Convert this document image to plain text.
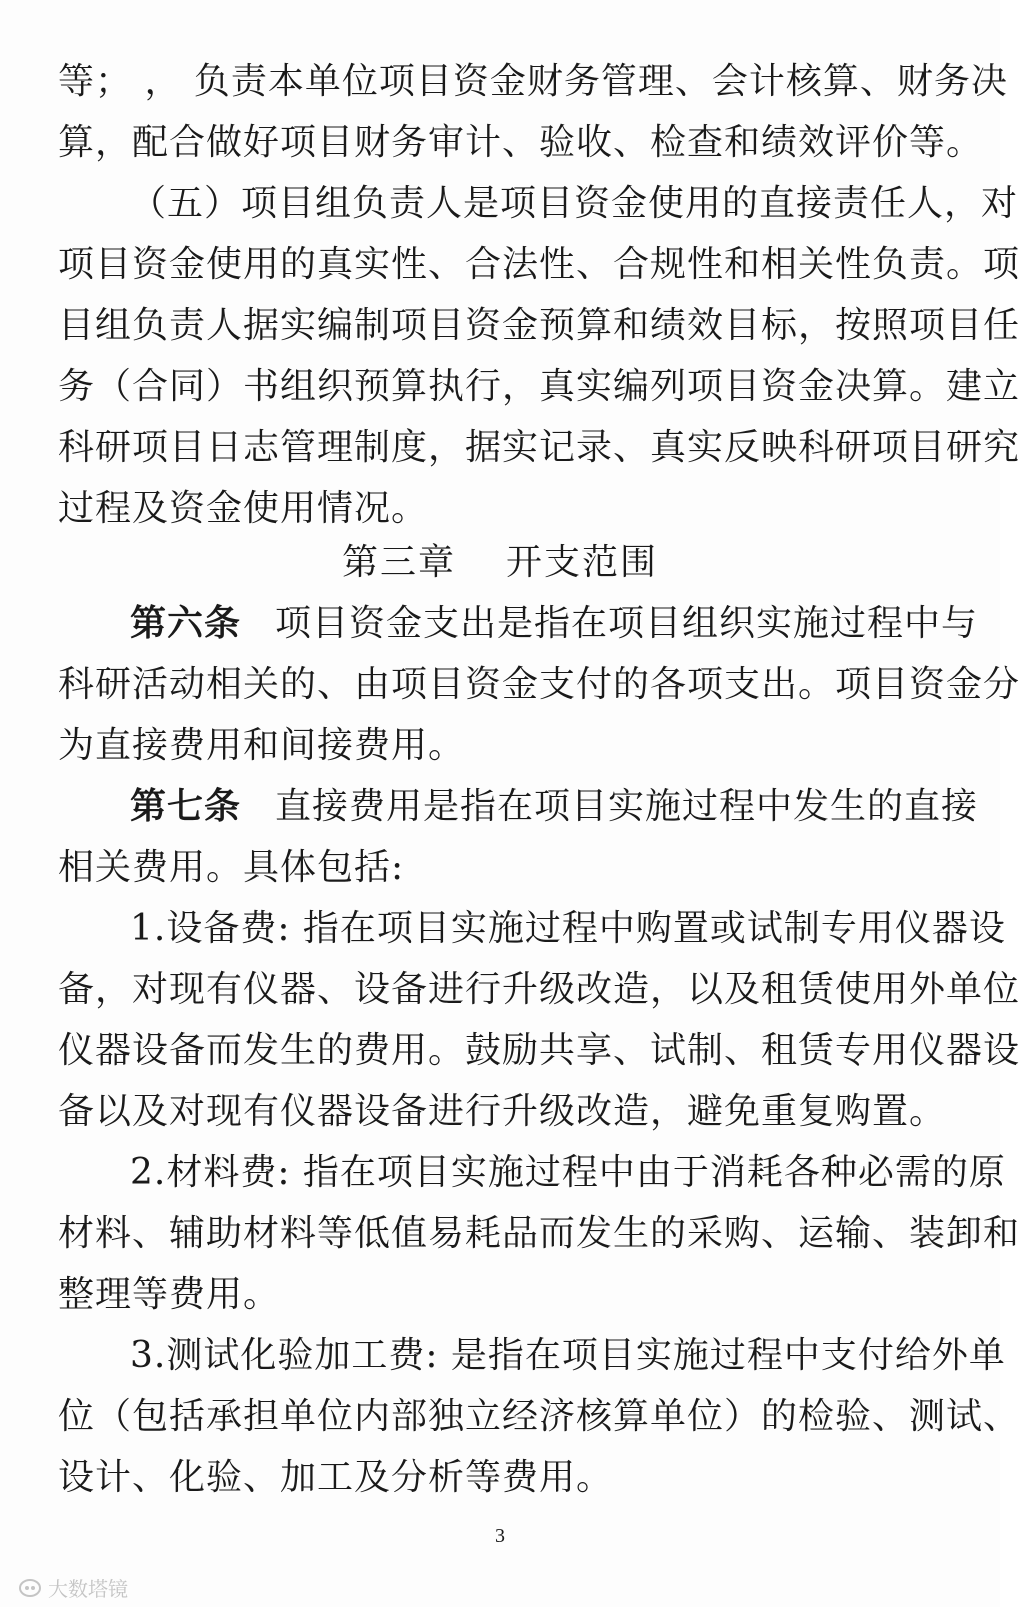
等； ， 负责本单位项目资金财务管理、会计核算、财务决
算，配合做好项目财务审计、验收、检查和绩效评价等。
（五）项目组负责人是项目资金使用的直接责任人，对
项目资金使用的真实性、合法性、合规性和相关性负责。项
目组负责人据实编制项目资金预算和绩效目标，按照项目任
务（合同）书组织预算执行，真实编列项目资金决算。建立
科研项目日志管理制度，据实记录、真实反映科研项目研究
过程及资金使用情况。
第三章 开支范围
第六条 项目资金支出是指在项目组织实施过程中与
科研活动相关的、由项目资金支付的各项支出。项目资金分
为直接费用和间接费用。
第七条 直接费用是指在项目实施过程中发生的直接
相关费用。具体包括:
1.设备费: 指在项目实施过程中购置或试制专用仪器设
备，对现有仪器、设备进行升级改造，以及租赁使用外单位
仪器设备而发生的费用。鼓励共享、试制、租赁专用仪器设
备以及对现有仪器设备进行升级改造，避免重复购置。
2.材料费: 指在项目实施过程中由于消耗各种必需的原
材料、辅助材料等低值易耗品而发生的采购、运输、装卸和
整理等费用。
3.测试化验加工费: 是指在项目实施过程中支付给外单
位（包括承担单位内部独立经济核算单位）的检验、测试、
设计、化验、加工及分析等费用。
3
大数塔镜
